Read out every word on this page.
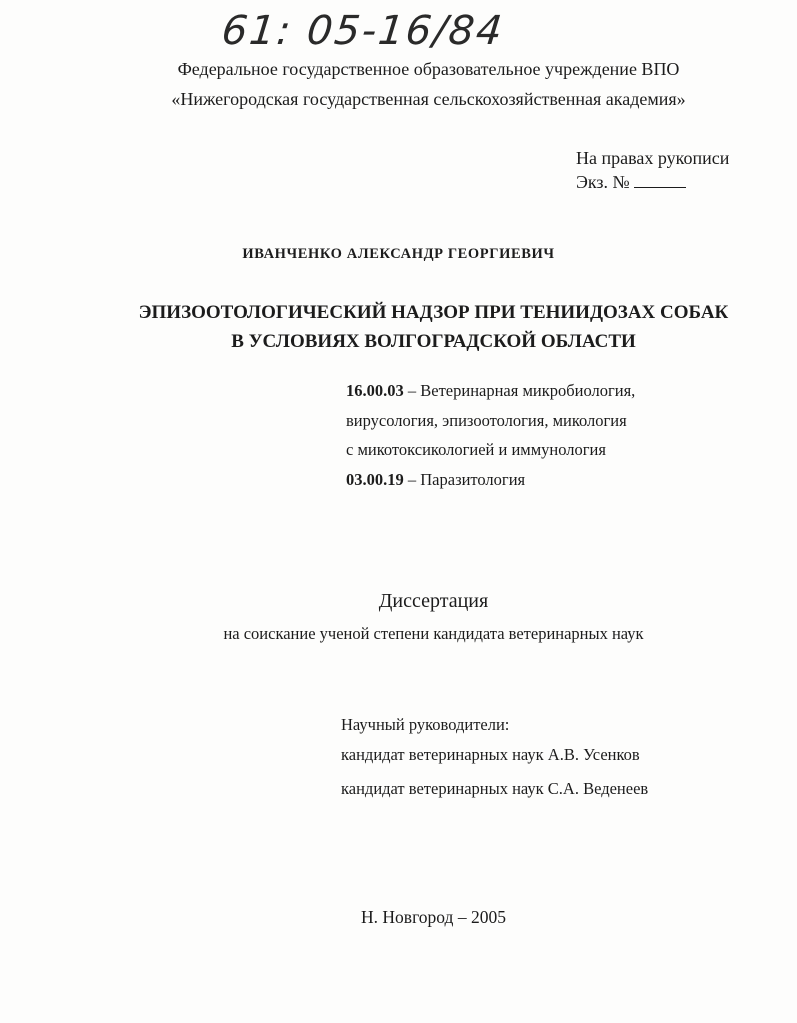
61: 05-16/84
Федеральное государственное образовательное учреждение ВПО
«Нижегородская государственная сельскохозяйственная академия»
На правах рукописи
Экз. №
ИВАНЧЕНКО АЛЕКСАНДР ГЕОРГИЕВИЧ
ЭПИЗООТОЛОГИЧЕСКИЙ НАДЗОР ПРИ ТЕНИИДОЗАХ СОБАК
В УСЛОВИЯХ ВОЛГОГРАДСКОЙ ОБЛАСТИ
16.00.03 – Ветеринарная микробиология,
вирусология, эпизоотология, микология
с микотоксикологией и иммунология
03.00.19 – Паразитология
Диссертация
на соискание ученой степени кандидата ветеринарных наук
Научный руководители:
кандидат ветеринарных наук А.В. Усенков
кандидат ветеринарных наук С.А. Веденеев
Н. Новгород – 2005
